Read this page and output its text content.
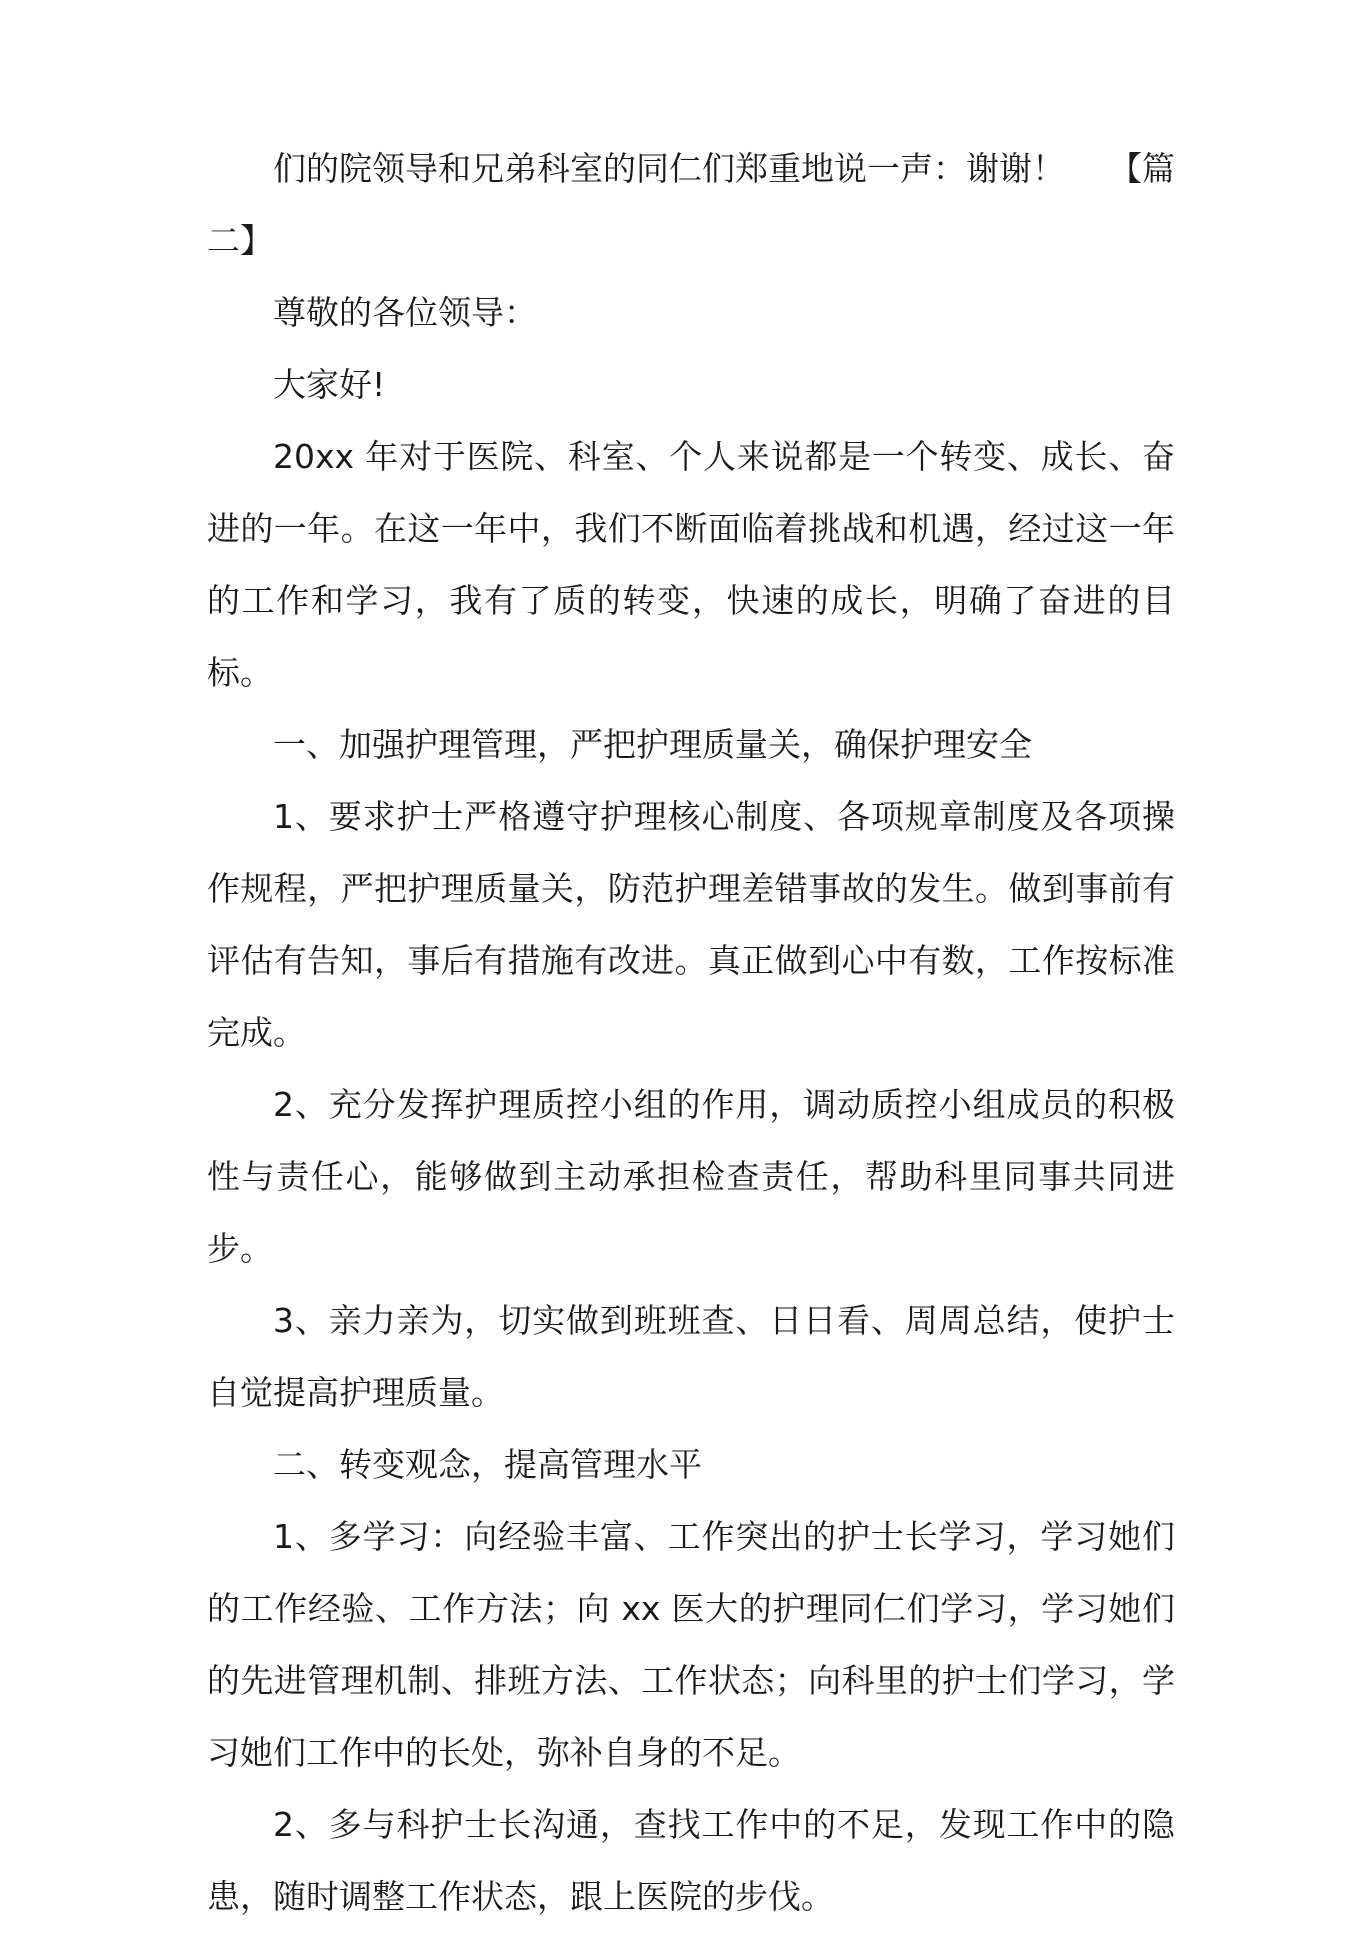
们的院领导和兄弟科室的同仁们郑重地说一声：谢谢！ 【篇

二】

尊敬的各位领导：

大家好!

20xx 年对于医院、科室、个人来说都是一个转变、成长、奋进的一年。在这一年中，我们不断面临着挑战和机遇，经过这一年的工作和学习，我有了质的转变，快速的成长，明确了奋进的目标。

一、加强护理管理，严把护理质量关，确保护理安全

1、要求护士严格遵守护理核心制度、各项规章制度及各项操作规程，严把护理质量关，防范护理差错事故的发生。做到事前有评估有告知，事后有措施有改进。真正做到心中有数，工作按标准完成。

2、充分发挥护理质控小组的作用，调动质控小组成员的积极性与责任心，能够做到主动承担检查责任，帮助科里同事共同进步。

3、亲力亲为，切实做到班班查、日日看、周周总结，使护士自觉提高护理质量。

二、转变观念，提高管理水平

1、多学习：向经验丰富、工作突出的护士长学习，学习她们的工作经验、工作方法；向 xx 医大的护理同仁们学习，学习她们的先进管理机制、排班方法、工作状态；向科里的护士们学习，学习她们工作中的长处，弥补自身的不足。

2、多与科护士长沟通，查找工作中的不足，发现工作中的隐患，随时调整工作状态，跟上医院的步伐。
